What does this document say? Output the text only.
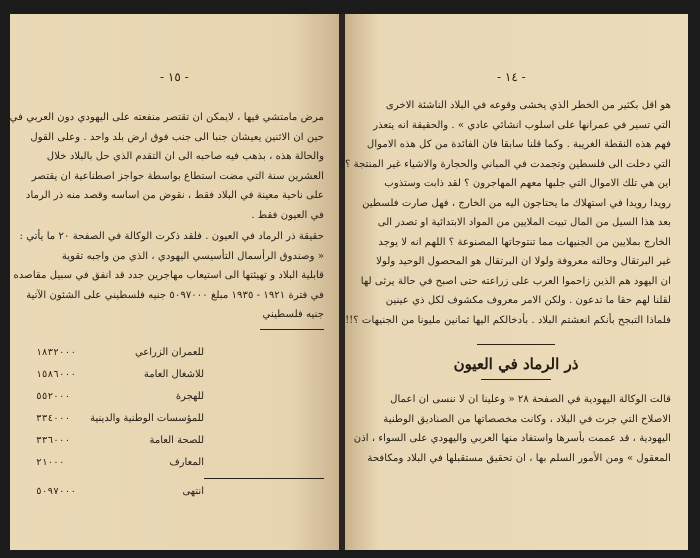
- ١٥ -
مرض مامتشي فيها ، لايمكن ان تقتصر منفعته على اليهودي دون العربي في
حين ان الاثنين يعيشان جنبا الى جنب فوق ارض بلد واحد . وعلى القول
والحالة هذه ، بذهب فيه صاحبه الى ان التقدم الذي حل بالبلاد خلال
العشرين سنة التي مضت استطاع بواسطة حواجز اصطناعية ان يقتصر
على ناحية معينة في البلاد فقط ، نقوض من اساسه وقصد منه ذر الرماد
في العيون فقط .
حقيقة ذر الرماد في العيون . فلقد ذكرت الوكالة في الصفحة ٢٠ ما يأتي :
« وصندوق الرأسمال التأسيسي اليهودي ، الذي من واجبه تقوية
قابلية البلاد و تهيئتها الى استيعاب مهاجرين جدد قد انفق في سبيل مقاصده
في فترة ١٩٢١ - ١٩٣٥ مبلغ ٥٠٩٧٠٠٠ جنيه فلسطيني على الشئون الآتية
جنيه فلسطيني
للعمران الزراعي	١٨٣٢٠٠٠
للاشغال العامة	١٥٨٦٠٠٠
للهجرة	٥٥٢٠٠٠
للمؤسسات الوطنية والدينية	٣٣٤٠٠٠
للصحة العامة	٣٣٦٠٠٠
المعارف	٢١٠٠٠
انتهى	٥٠٩٧٠٠٠
- ١٤ -
هو اقل بكثير من الخطر الذي يخشى وقوعه في البلاد الناشئة الاخرى
التي تسير في عمرانها على اسلوب انشائي عادي » . والحقيقة انه يتعذر
فهم هذه النقطة الغريبة . وكما قلنا سابقا فان الفائدة من كل هذه الاموال
التي دخلت الى فلسطين وتجمدت في المباني والحجارة والاشياء غير المنتجة ؟!
اين هي تلك الاموال التي جلبها معهم المهاجرون ؟ لقد ذابت وستذوب
رويدا رويدا في استهلاك ما يحتاجون اليه من الخارج ، فهل صارت فلسطين
بعد هذا السيل من المال تبيت الملايين من المواد الابتدائية او تصدر الى
الخارج بملايين من الجنيهات مما تنتوجاتها المصنوعة ؟ اللهم انه لا يوجد
غير البرتقال وحالته معروفة ولولا ان البرتقال هو المحصول الوحيد ولولا
ان اليهود هم الذين زاحموا العرب على زراعته حتى اصبح في حالة يرثى لها
لقلنا لهم حقا ما تدعون . ولكن الامر معروف مكشوف لكل ذي عينين
فلماذا التبجح بأنكم انعشتم البلاد . بأدخالكم اليها ثمانين مليونا من الجنيهات ؟!!
ذر الرماد في العيون
قالت الوكالة اليهودية في الصفحة ٢٨ « وعلينا ان لا ننسى ان اعمال
الاصلاح التي جرت في البلاد ، وكانت مخصصاتها من الصناديق الوطنية
اليهودية ، قد عممت بأسرها واستفاد منها العربي واليهودي على السواء ، اذن
المعقول » ومن الأمور السلم بها ، ان تحقيق مستقبلها في البلاد ومكافحة
